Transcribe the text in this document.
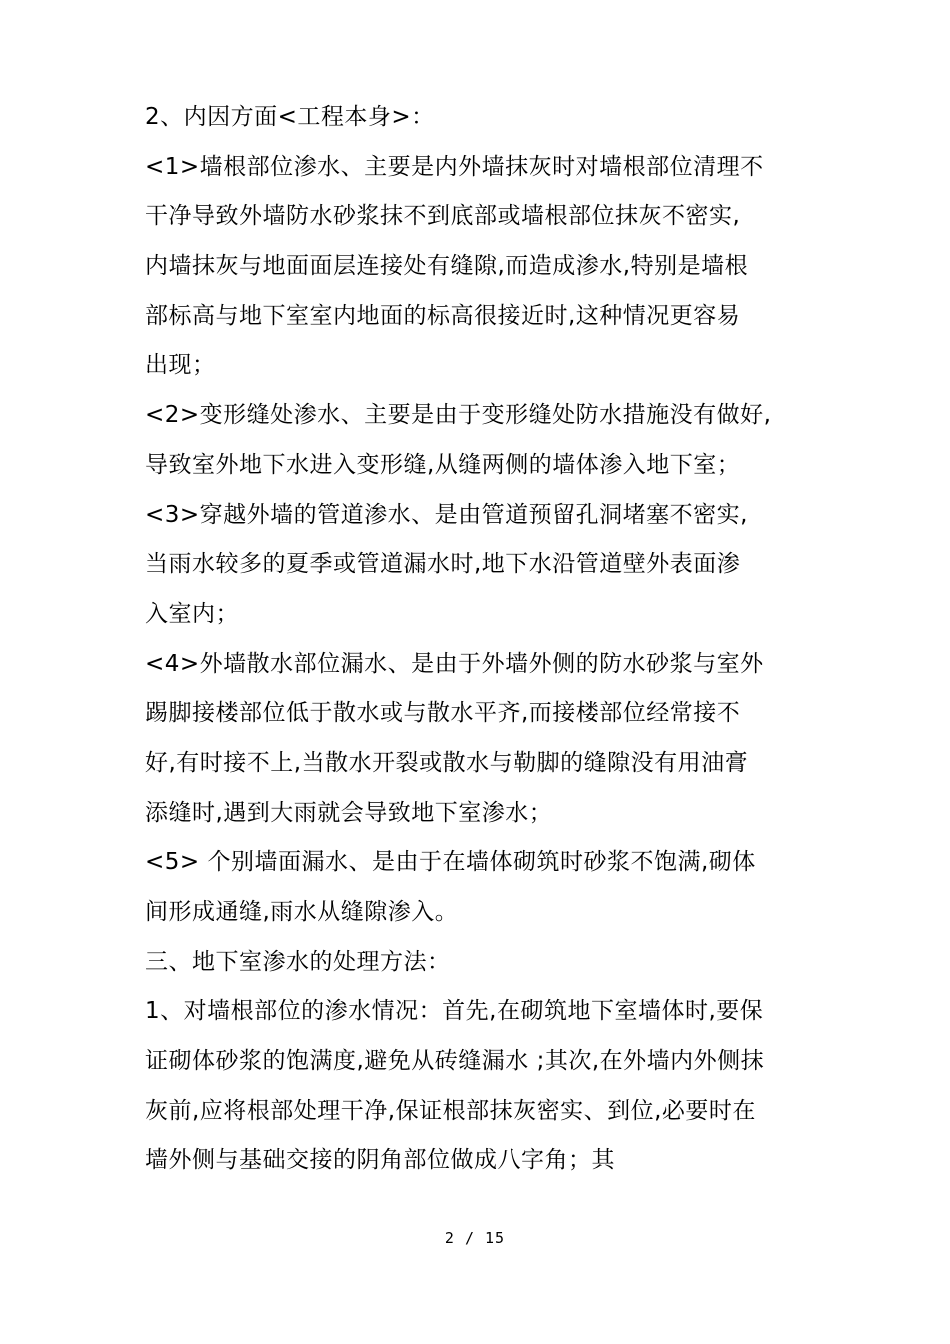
2、内因方面<工程本身>：
<1>墙根部位渗水、主要是内外墙抹灰时对墙根部位清理不
干净导致外墙防水砂浆抹不到底部或墙根部位抹灰不密实,
内墙抹灰与地面面层连接处有缝隙,而造成渗水,特别是墙根
部标高与地下室室内地面的标高很接近时,这种情况更容易
出现；
<2>变形缝处渗水、主要是由于变形缝处防水措施没有做好,
导致室外地下水进入变形缝,从缝两侧的墙体渗入地下室；
<3>穿越外墙的管道渗水、是由管道预留孔洞堵塞不密实,
当雨水较多的夏季或管道漏水时,地下水沿管道壁外表面渗
入室内；
<4>外墙散水部位漏水、是由于外墙外侧的防水砂浆与室外
踢脚接楼部位低于散水或与散水平齐,而接楼部位经常接不
好,有时接不上,当散水开裂或散水与勒脚的缝隙没有用油膏
添缝时,遇到大雨就会导致地下室渗水；
<5> 个别墙面漏水、是由于在墙体砌筑时砂浆不饱满,砌体
间形成通缝,雨水从缝隙渗入。
三、地下室渗水的处理方法：
1、对墙根部位的渗水情况：首先,在砌筑地下室墙体时,要保
证砌体砂浆的饱满度,避免从砖缝漏水 ;其次,在外墙内外侧抹
灰前,应将根部处理干净,保证根部抹灰密实、到位,必要时在
墙外侧与基础交接的阴角部位做成八字角；其
2 / 15
